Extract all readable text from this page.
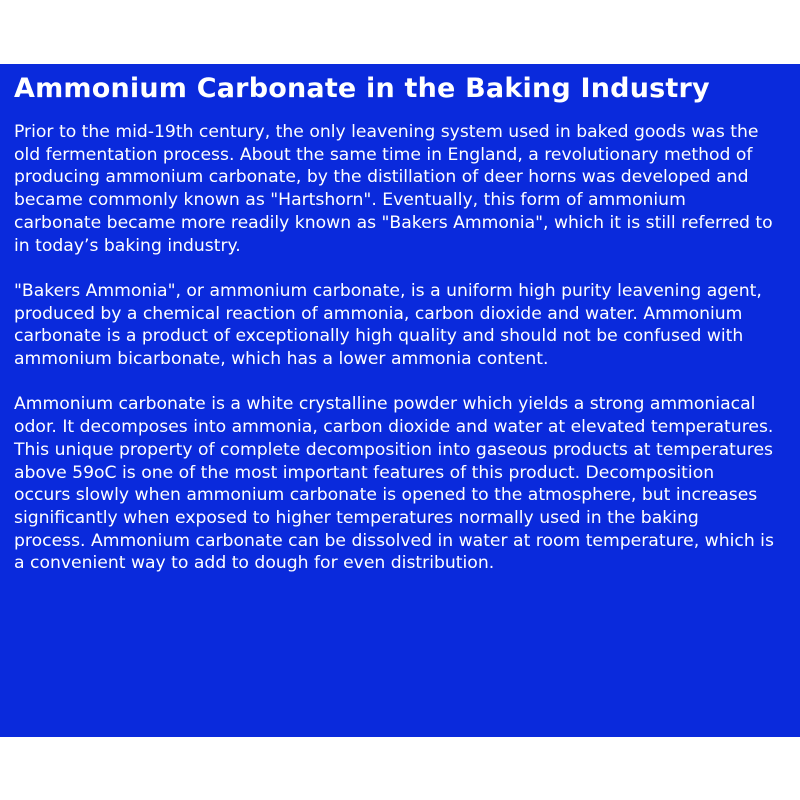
Ammonium Carbonate in the Baking Industry

Prior to the mid-19th century, the only leavening system used in baked goods was the old fermentation process. About the same time in England, a revolutionary method of producing ammonium carbonate, by the distillation of deer horns was developed and became commonly known as "Hartshorn". Eventually, this form of ammonium carbonate became more readily known as "Bakers Ammonia", which it is still referred to in today’s baking industry.

"Bakers Ammonia", or ammonium carbonate, is a uniform high purity leavening agent, produced by a chemical reaction of ammonia, carbon dioxide and water. Ammonium carbonate is a product of exceptionally high quality and should not be confused with ammonium bicarbonate, which has a lower ammonia content.

Ammonium carbonate is a white crystalline powder which yields a strong ammoniacal odor. It decomposes into ammonia, carbon dioxide and water at elevated temperatures. This unique property of complete decomposition into gaseous products at temperatures above 59oC is one of the most important features of this product. Decomposition occurs slowly when ammonium carbonate is opened to the atmosphere, but increases significantly when exposed to higher temperatures normally used in the baking process. Ammonium carbonate can be dissolved in water at room temperature, which is a convenient way to add to dough for even distribution.
